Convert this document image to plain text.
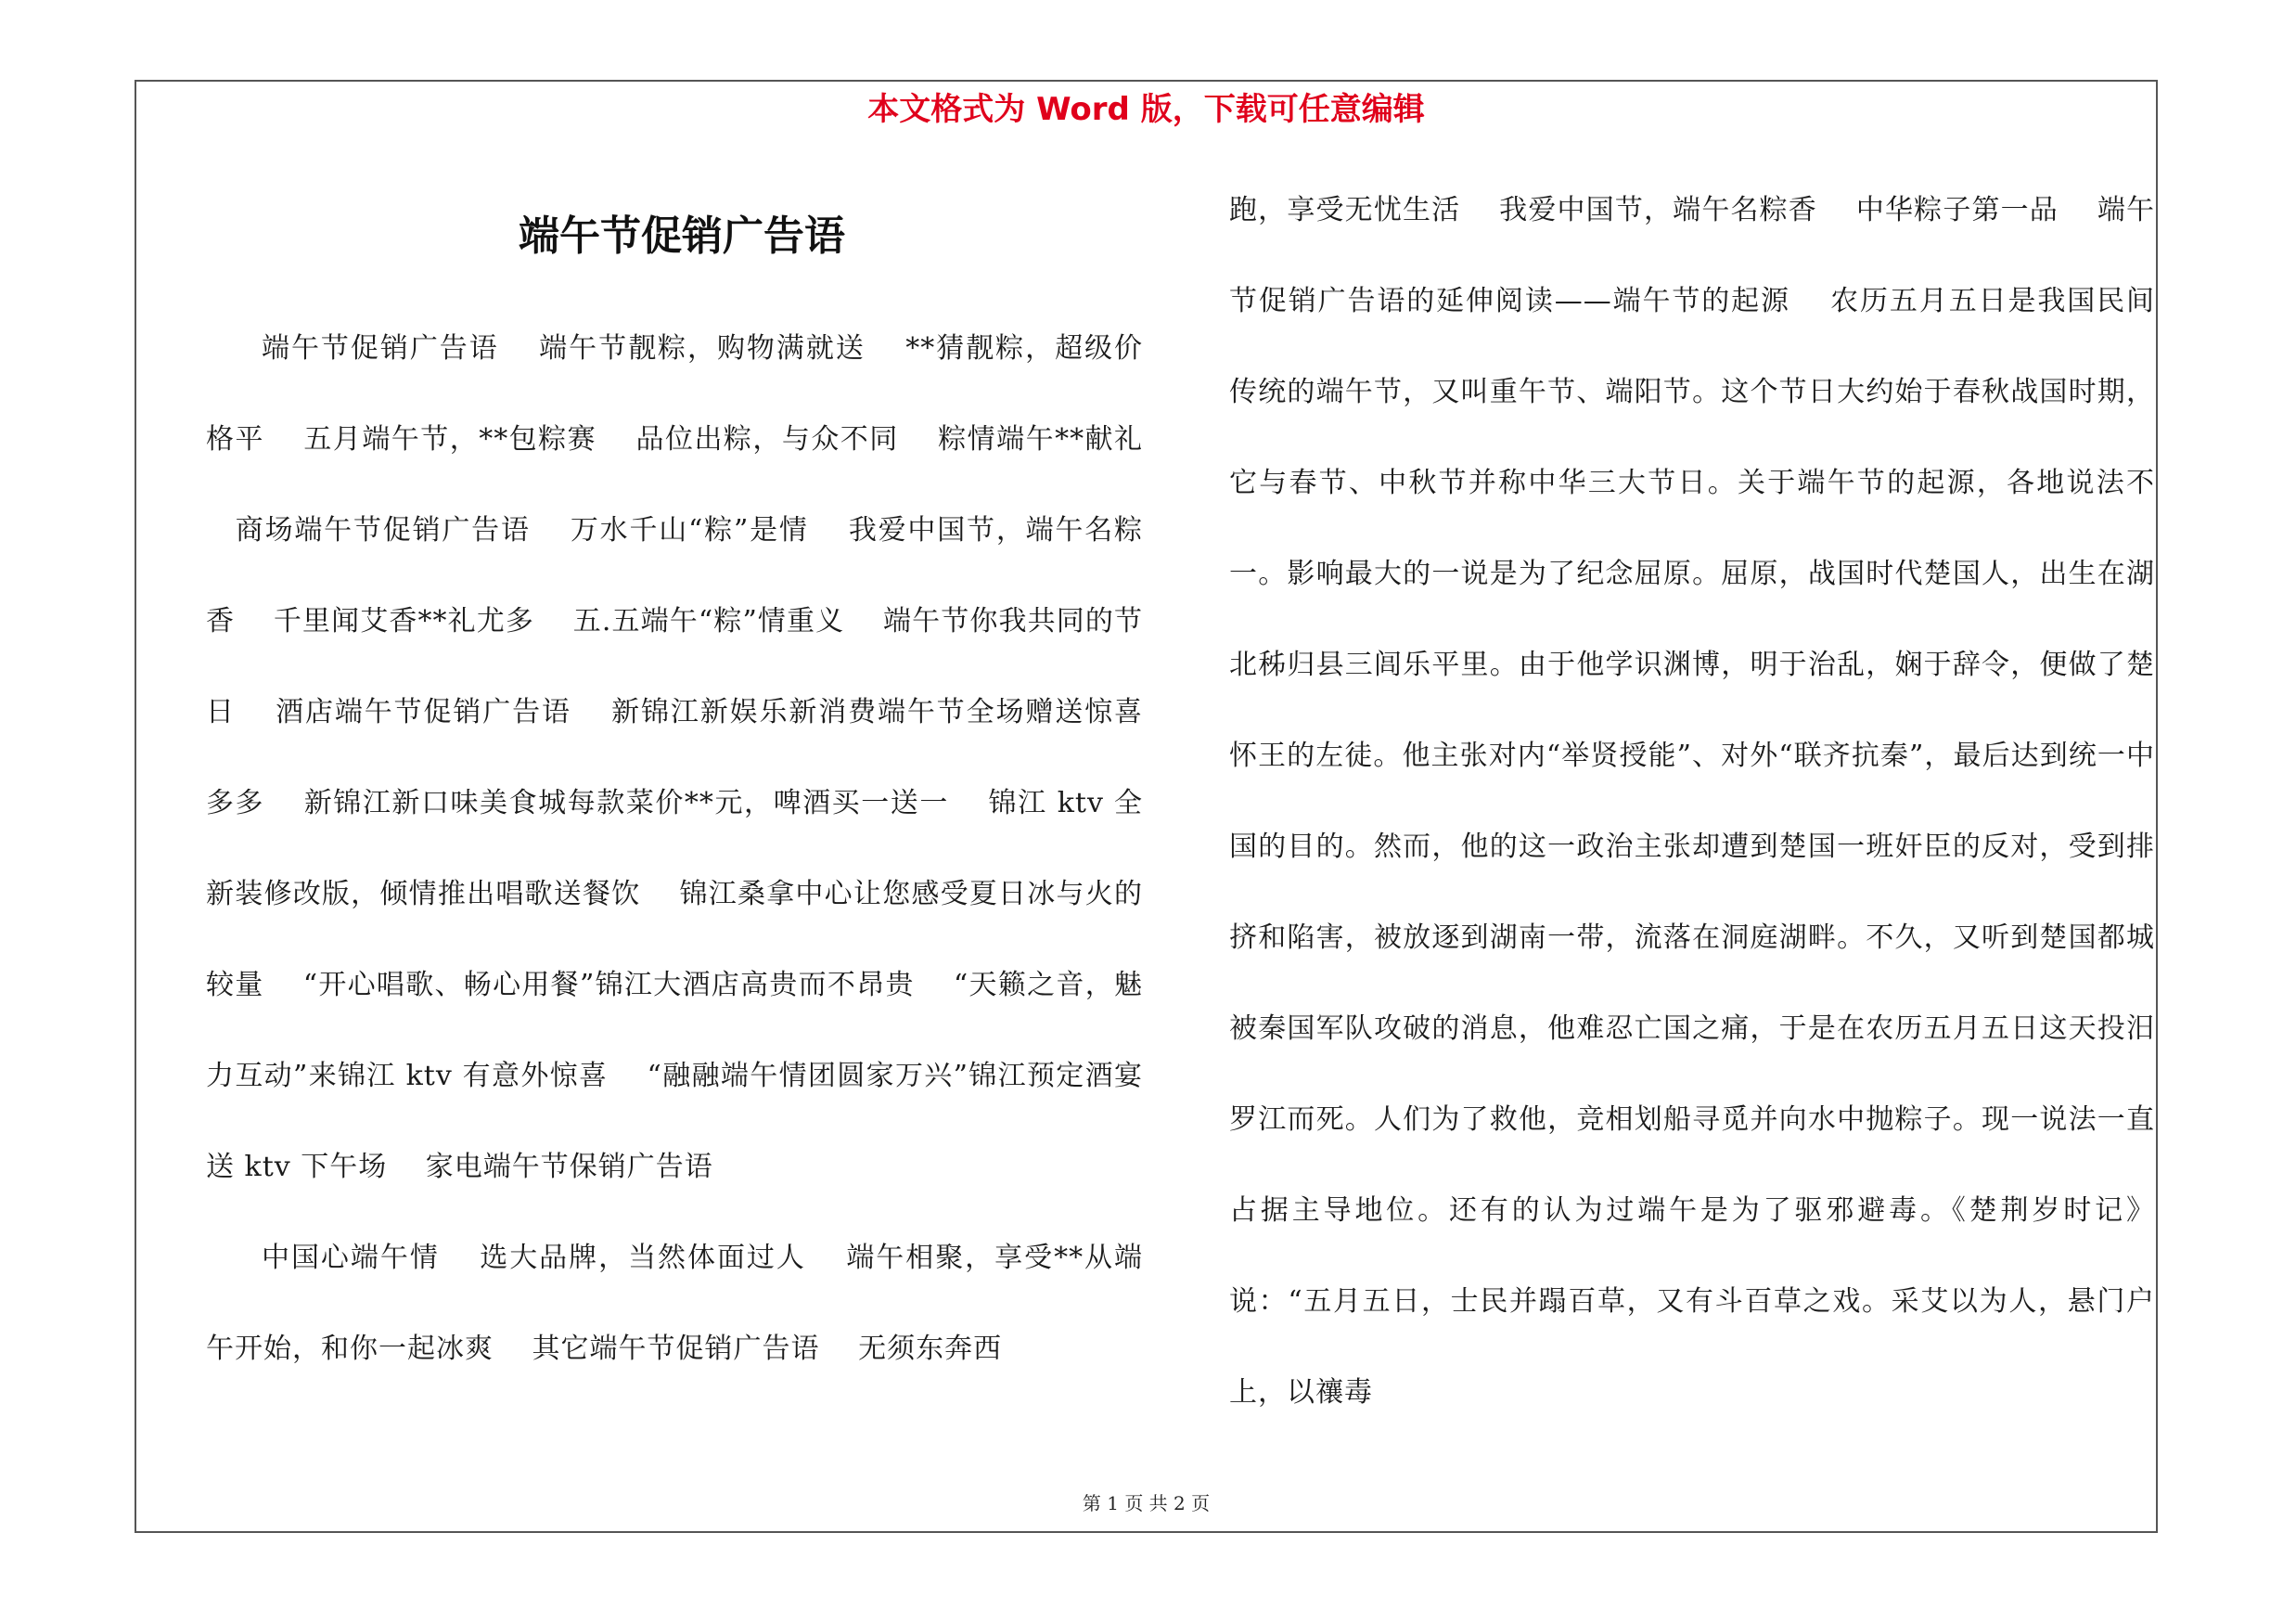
本文格式为 Word 版，下载可任意编辑
端午节促销广告语

端午节促销广告语 　端午节靓粽，购物满就送 　**猜靓粽，超级价格平 　五月端午节，**包粽赛 　品位出粽，与众不同 　粽情端午**献礼 　商场端午节促销广告语 　万水千山“粽”是情 　我爱中国节，端午名粽香 　千里闻艾香**礼尤多 　五.五端午“粽”情重义 　端午节你我共同的节日 　酒店端午节促销广告语 　新锦江新娱乐新消费端午节全场赠送惊喜多多 　新锦江新口味美食城每款菜价**元，啤酒买一送一 　锦江 ktv 全新装修改版，倾情推出唱歌送餐饮 　锦江桑拿中心让您感受夏日冰与火的较量 　“开心唱歌、畅心用餐”锦江大酒店高贵而不昂贵 　“天籁之音，魅力互动”来锦江 ktv 有意外惊喜 　“融融端午情团圆家万兴”锦江预定酒宴送 ktv 下午场 　家电端午节保销广告语

中国心端午情 　选大品牌，当然体面过人 　端午相聚，享受**从端午开始，和你一起冰爽 　其它端午节促销广告语 　无须东奔西

跑，享受无忧生活 　我爱中国节，端午名粽香 　中华粽子第一品 　端午节促销广告语的延伸阅读——端午节的起源 　农历五月五日是我国民间传统的端午节，又叫重午节、端阳节。这个节日大约始于春秋战国时期，它与春节、中秋节并称中华三大节日。关于端午节的起源，各地说法不一。影响最大的一说是为了纪念屈原。屈原，战国时代楚国人，出生在湖北秭归县三闾乐平里。由于他学识渊博，明于治乱，娴于辞令，便做了楚怀王的左徒。他主张对内“举贤授能”、对外“联齐抗秦”，最后达到统一中国的目的。然而，他的这一政治主张却遭到楚国一班奸臣的反对，受到排挤和陷害，被放逐到湖南一带，流落在洞庭湖畔。不久，又听到楚国都城被秦国军队攻破的消息，他难忍亡国之痛，于是在农历五月五日这天投汨罗江而死。人们为了救他，竞相划船寻觅并向水中抛粽子。现一说法一直占据主导地位。还有的认为过端午是为了驱邪避毒。《楚荆岁时记》说：“五月五日，士民并蹋百草，又有斗百草之戏。采艾以为人，悬门户上，以禳毒

第 1 页 共 2 页
